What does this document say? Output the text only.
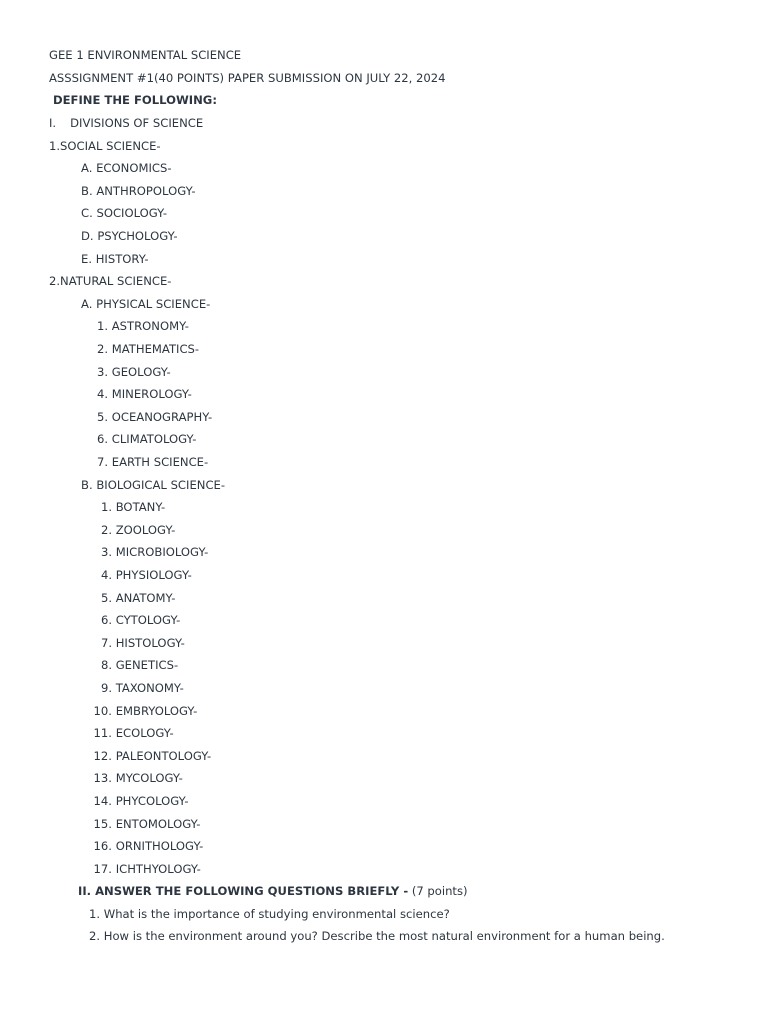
GEE 1 ENVIRONMENTAL SCIENCE
ASSSIGNMENT #1(40 POINTS) PAPER SUBMISSION ON JULY 22, 2024
DEFINE THE FOLLOWING:
I. DIVISIONS OF SCIENCE
1.SOCIAL SCIENCE-
A. ECONOMICS-
B. ANTHROPOLOGY-
C. SOCIOLOGY-
D. PSYCHOLOGY-
E. HISTORY-
2.NATURAL SCIENCE-
A. PHYSICAL SCIENCE-
1. ASTRONOMY-
2. MATHEMATICS-
3. GEOLOGY-
4. MINEROLOGY-
5. OCEANOGRAPHY-
6. CLIMATOLOGY-
7. EARTH SCIENCE-
B. BIOLOGICAL SCIENCE-
1. BOTANY-
2. ZOOLOGY-
3. MICROBIOLOGY-
4. PHYSIOLOGY-
5. ANATOMY-
6. CYTOLOGY-
7. HISTOLOGY-
8. GENETICS-
9. TAXONOMY-
10. EMBRYOLOGY-
11. ECOLOGY-
12. PALEONTOLOGY-
13. MYCOLOGY-
14. PHYCOLOGY-
15. ENTOMOLOGY-
16. ORNITHOLOGY-
17. ICHTHYOLOGY-
II. ANSWER THE FOLLOWING QUESTIONS BRIEFLY - (7 points)
1. What is the importance of studying environmental science?
2. How is the environment around you? Describe the most natural environment for a human being.
